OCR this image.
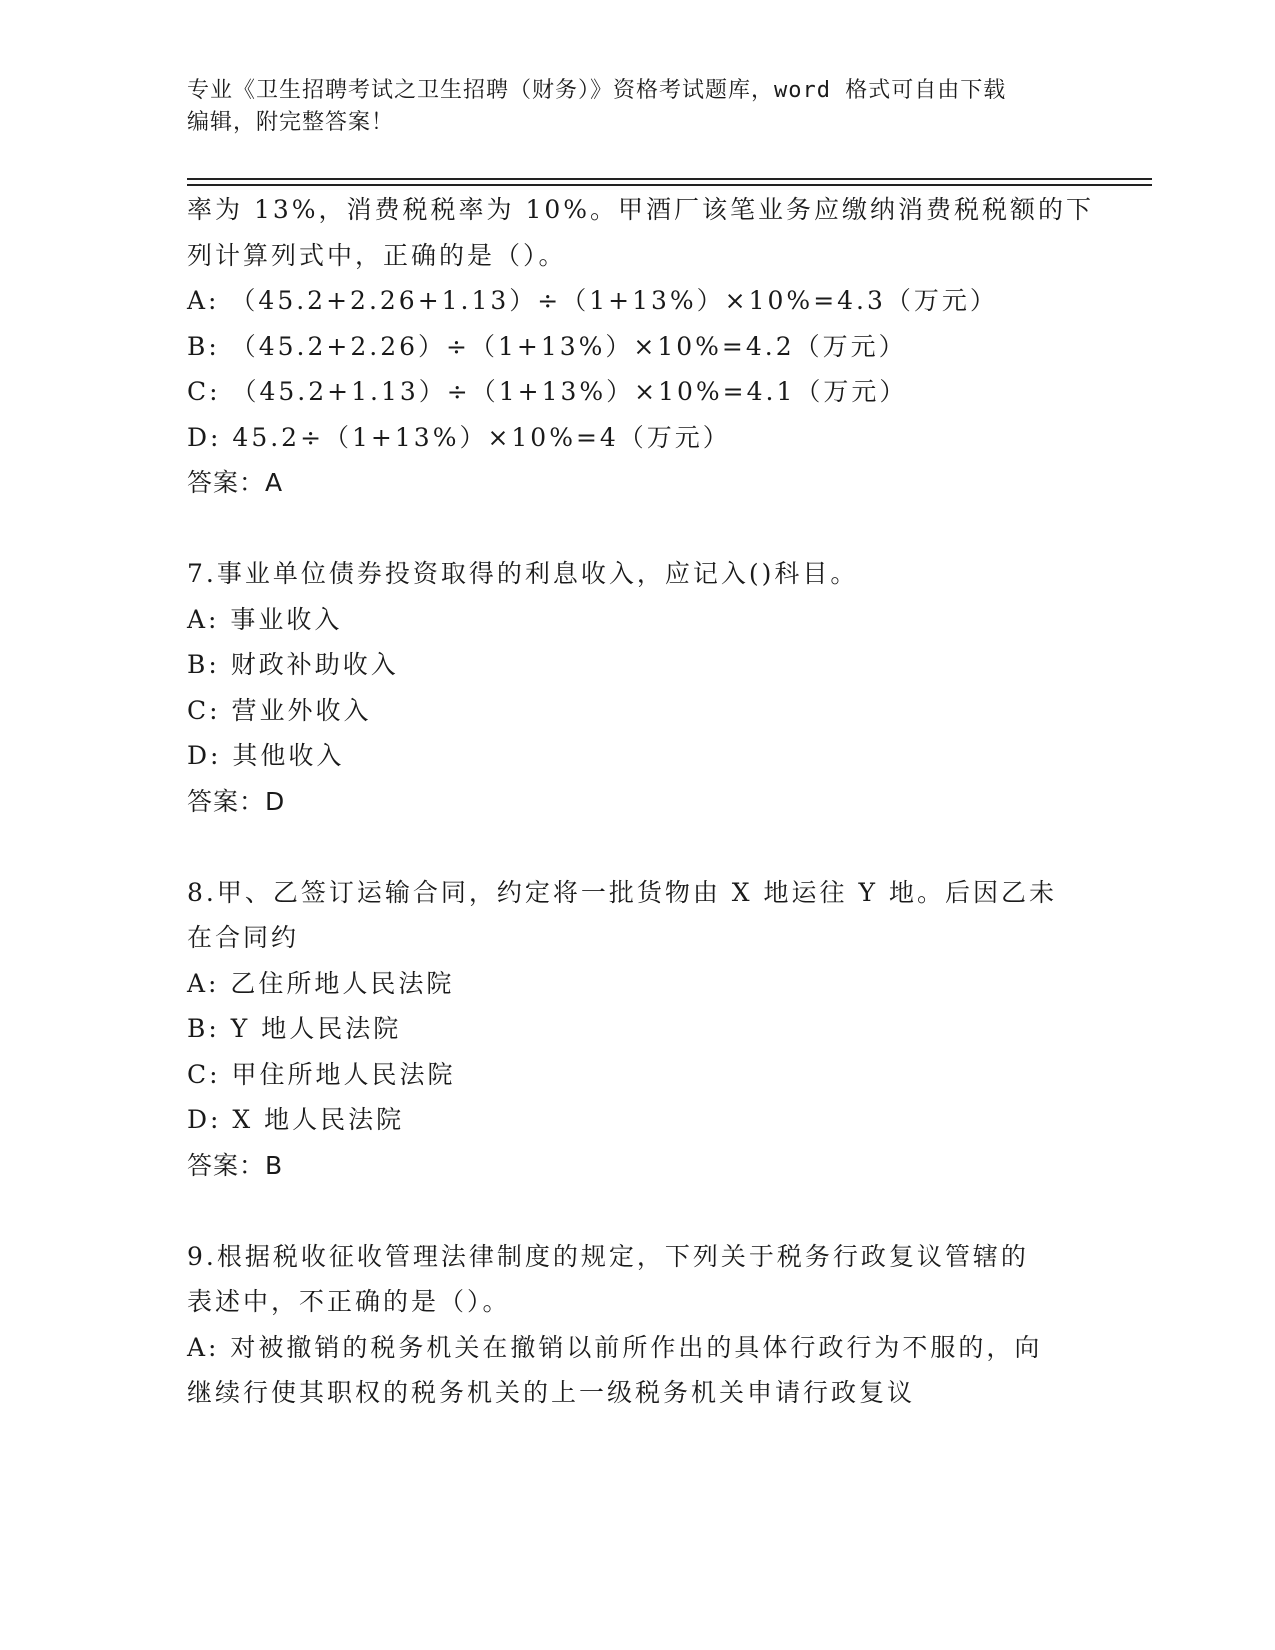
专业《卫生招聘考试之卫生招聘（财务）》资格考试题库，word 格式可自由下载
编辑，附完整答案！
率为 13%，消费税税率为 10%。甲酒厂该笔业务应缴纳消费税税额的下
列计算列式中，正确的是（）。
A: （45.2+2.26+1.13）÷（1+13%）×10%=4.3（万元）
B: （45.2+2.26）÷（1+13%）×10%=4.2（万元）
C: （45.2+1.13）÷（1+13%）×10%=4.1（万元）
D: 45.2÷（1+13%）×10%=4（万元）
答案：A
7.事业单位债券投资取得的利息收入，应记入()科目。
A: 事业收入
B: 财政补助收入
C: 营业外收入
D: 其他收入
答案：D
8.甲、乙签订运输合同，约定将一批货物由 X 地运往 Y 地。后因乙未
在合同约
A: 乙住所地人民法院
B: Y 地人民法院
C: 甲住所地人民法院
D: X 地人民法院
答案：B
9.根据税收征收管理法律制度的规定，下列关于税务行政复议管辖的
表述中，不正确的是（）。
A: 对被撤销的税务机关在撤销以前所作出的具体行政行为不服的，向
继续行使其职权的税务机关的上一级税务机关申请行政复议
